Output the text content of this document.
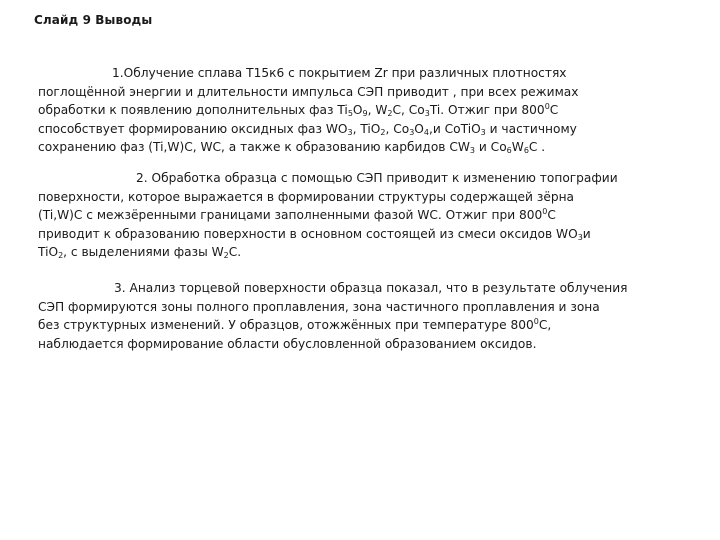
Слайд 9 Выводы
1.Облучение сплава Т15к6 с покрытием Zr при различных плотностях
поглощённой энергии и длительности импульса СЭП приводит , при всех режимах
обработки к появлению дополнительных фаз $Ti_5O_9$, $W_2C$, $Co_3Ti$. Отжиг при $800^0C$
способствует формированию оксидных фаз $WO_3$, TiO$_2$, $Co_3O_4,и$ CoTiO$_3$ и частичному
сохранению фаз (Ti,W)C, WC, а также к образованию карбидов $CW_3$ и $Co_6W_6C$ .
2. Обработка образца с помощью СЭП приводит к изменению топографии
поверхности, которое выражается в формировании структуры содержащей зёрна
(Ti,W)C с межзёренными границами заполненными фазой WC. Отжиг при $800^0C$
приводит к образованию поверхности в основном состоящей из смеси оксидов $WO_3и$
TiO$_2$, с выделениями фазы $W_2C$.
3. Анализ торцевой поверхности образца показал, что в результате облучения
СЭП формируются зоны полного проплавления, зона частичного проплавления и зона
без структурных изменений. У образцов, отожжённых при температуре $800^0C$,
наблюдается формирование области обусловленной образованием оксидов.
